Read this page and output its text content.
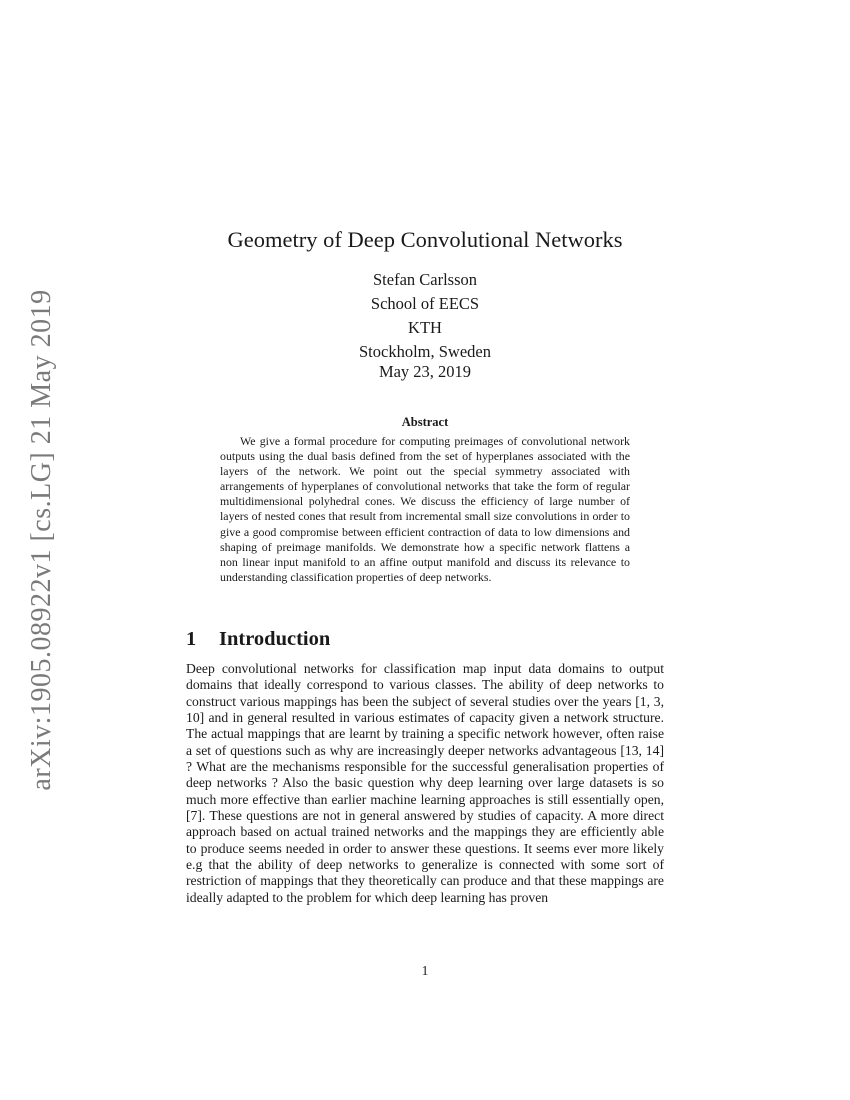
arXiv:1905.08922v1 [cs.LG] 21 May 2019
Geometry of Deep Convolutional Networks
Stefan Carlsson
School of EECS
KTH
Stockholm, Sweden
May 23, 2019
Abstract
We give a formal procedure for computing preimages of convolutional network outputs using the dual basis defined from the set of hyperplanes associated with the layers of the network. We point out the special symmetry associated with arrangements of hyperplanes of convolutional networks that take the form of regular multidimensional polyhedral cones. We discuss the efficiency of large number of layers of nested cones that result from incremental small size convolutions in order to give a good compromise between efficient contraction of data to low dimensions and shaping of preimage manifolds. We demonstrate how a specific network flattens a non linear input manifold to an affine output manifold and discuss its relevance to understanding classification properties of deep networks.
1 Introduction
Deep convolutional networks for classification map input data domains to output domains that ideally correspond to various classes. The ability of deep networks to construct various mappings has been the subject of several studies over the years [1, 3, 10] and in general resulted in various estimates of capacity given a network structure. The actual mappings that are learnt by training a specific network however, often raise a set of questions such as why are increasingly deeper networks advantageous [13, 14] ? What are the mechanisms responsible for the successful generalisation properties of deep networks ? Also the basic question why deep learning over large datasets is so much more effective than earlier machine learning approaches is still essentially open, [7]. These questions are not in general answered by studies of capacity. A more direct approach based on actual trained networks and the mappings they are efficiently able to produce seems needed in order to answer these questions. It seems ever more likely e.g that the ability of deep networks to generalize is connected with some sort of restriction of mappings that they theoretically can produce and that these mappings are ideally adapted to the problem for which deep learning has proven
1
